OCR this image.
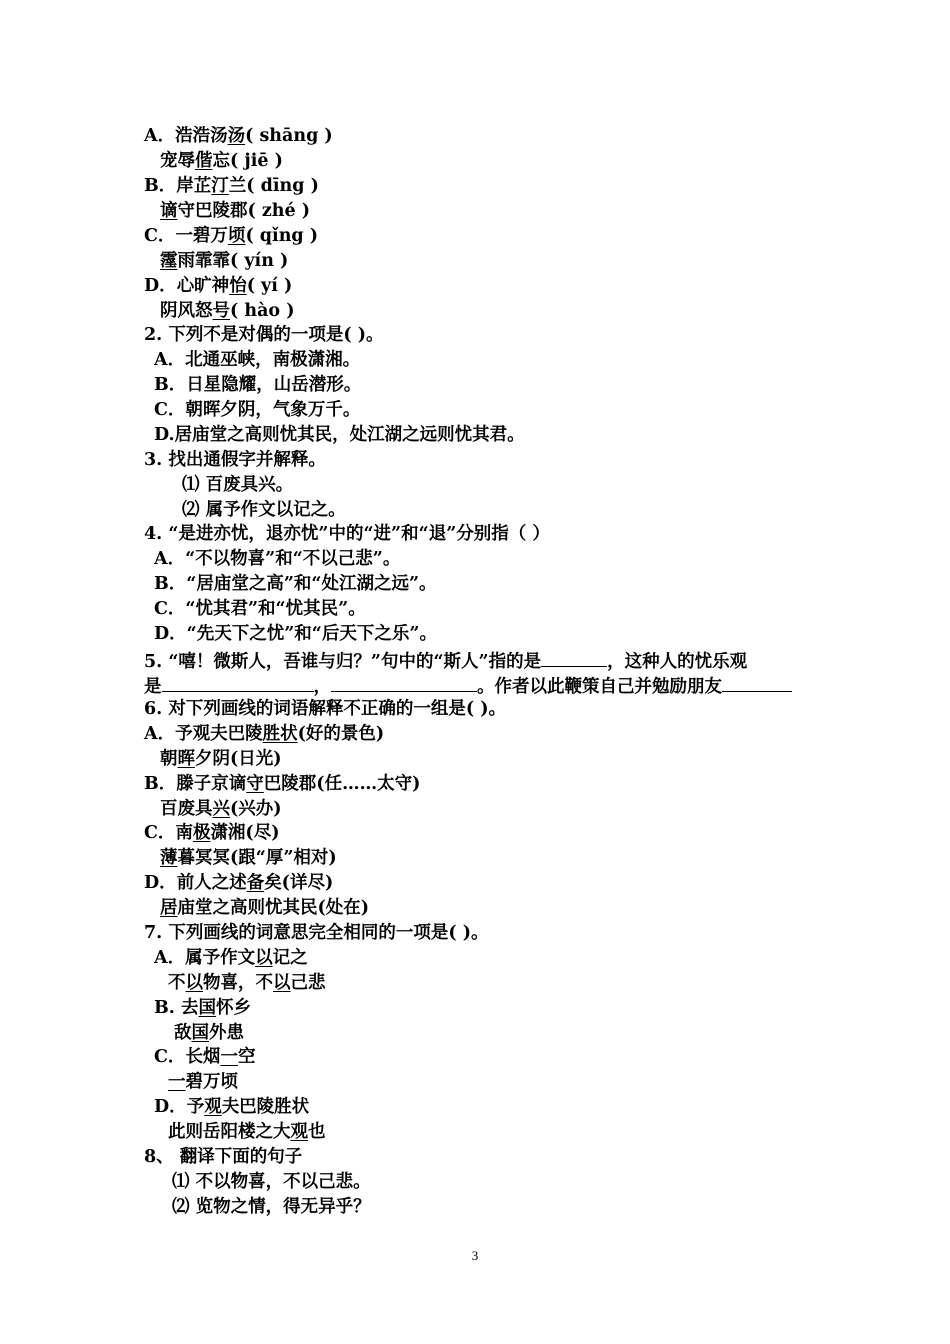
A．浩浩汤汤( shāng )
宠辱偕忘( jiē )
B．岸芷汀兰( dīng )
谪守巴陵郡( zhé )
C．一碧万顷( qǐng )
霪雨霏霏( yín )
D．心旷神怡( yí )
阴风怒号( hào )
2. 下列不是对偶的一项是( )。
A．北通巫峡，南极潇湘。
B．日星隐耀，山岳潜形。
C．朝晖夕阴，气象万千。
D.居庙堂之高则忧其民，处江湖之远则忧其君。
3. 找出通假字并解释。
⑴ 百废具兴。
⑵ 属予作文以记之。
4. “是进亦忧，退亦忧”中的“进”和“退”分别指（ ）
A．“不以物喜”和“不以己悲”。
B．“居庙堂之高”和“处江湖之远”。
C．“忧其君”和“忧其民”。
D．“先天下之忧”和“后天下之乐”。
5. “嘻！微斯人，吾谁与归？”句中的“斯人”指的是	，这种人的忧乐观
是	，	。作者以此鞭策自己并勉励朋友
6. 对下列画线的词语解释不正确的一组是( )。
A．予观夫巴陵胜状(好的景色)
朝晖夕阴(日光)
B．滕子京谪守巴陵郡(任……太守)
百废具兴(兴办)
C．南极潇湘(尽)
薄暮冥冥(跟“厚”相对)
D．前人之述备矣(详尽)
居庙堂之高则忧其民(处在)
7. 下列画线的词意思完全相同的一项是( )。
A．属予作文以记之
不以物喜，不以己悲
B. 去国怀乡
敌国外患
C．长烟一空
一碧万顷
D．予观夫巴陵胜状
此则岳阳楼之大观也
8、 翻译下面的句子
⑴ 不以物喜，不以己悲。
⑵ 览物之情，得无异乎？
3
